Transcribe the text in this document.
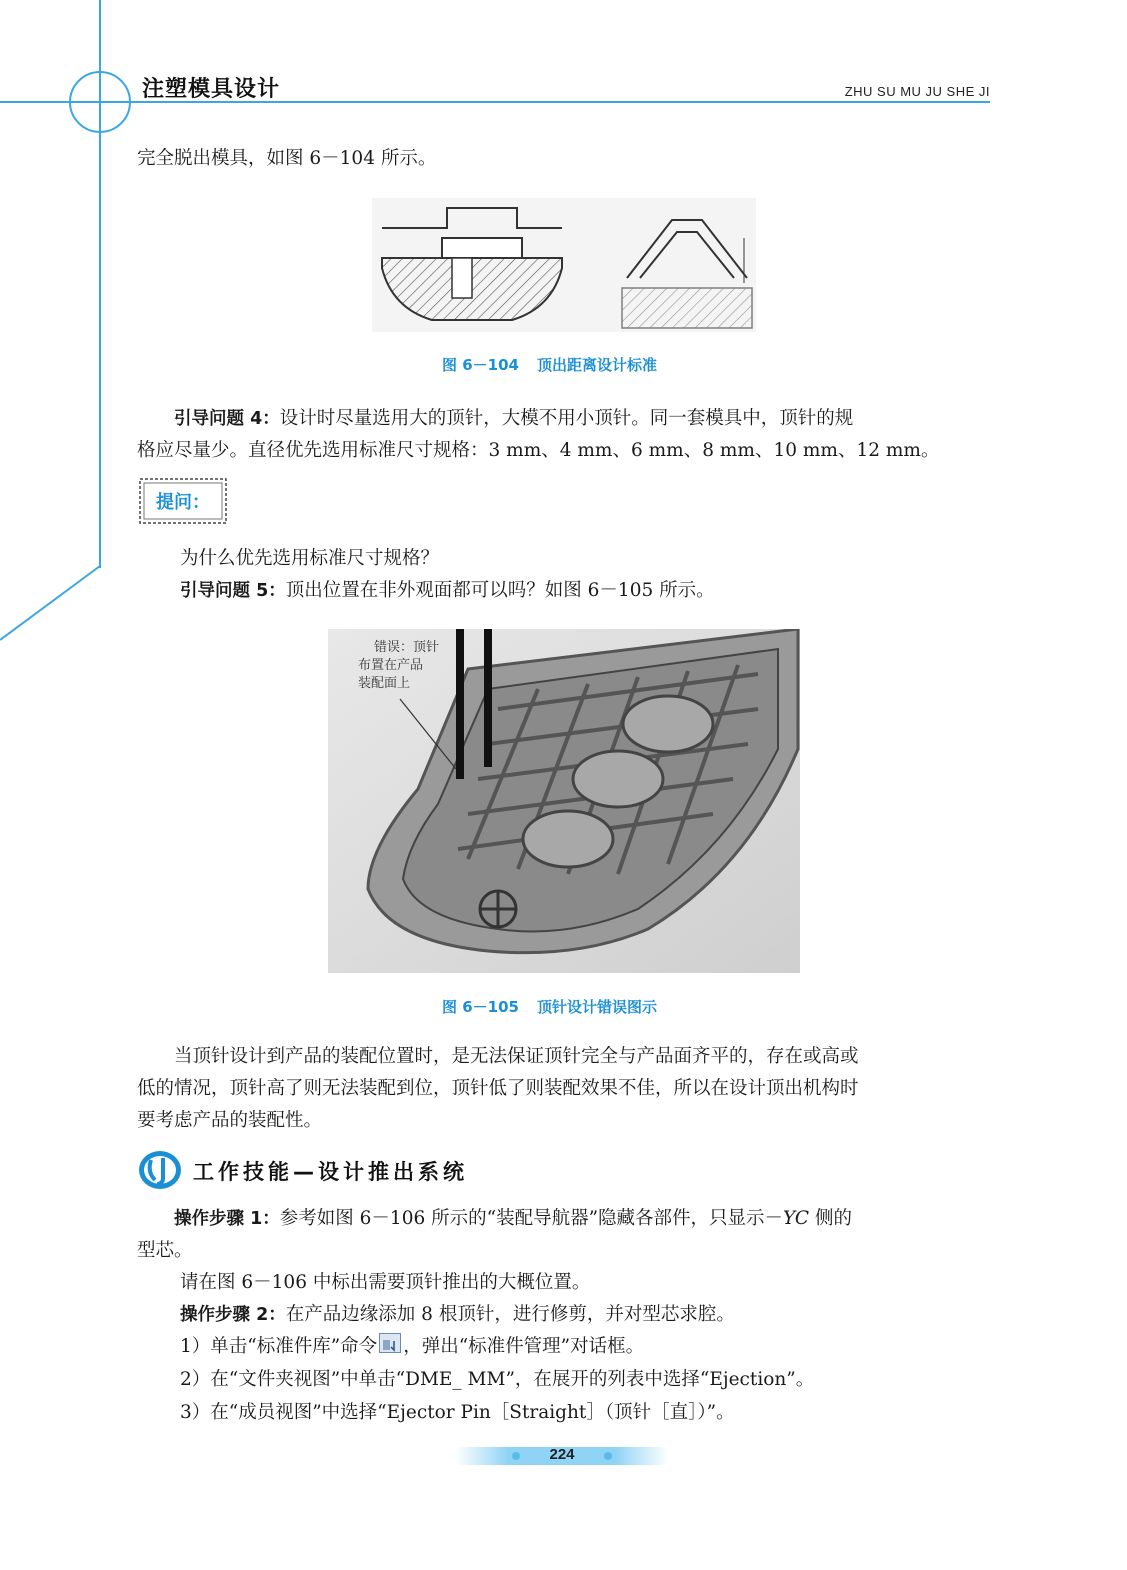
注塑模具设计	ZHU SU MU JU SHE JI

完全脱出模具，如图 6－104 所示。

图 6－104 顶出距离设计标准

引导问题 4：设计时尽量选用大的顶针，大模不用小顶针。同一套模具中，顶针的规

格应尽量少。直径优先选用标准尺寸规格：3 mm、4 mm、6 mm、8 mm、10 mm、12 mm。

提问：

为什么优先选用标准尺寸规格？

引导问题 5：顶出位置在非外观面都可以吗？如图 6－105 所示。

错误：顶针
布置在产品
装配面上
图 6－105 顶针设计错误图示

当顶针设计到产品的装配位置时，是无法保证顶针完全与产品面齐平的，存在或高或

低的情况，顶针高了则无法装配到位，顶针低了则装配效果不佳，所以在设计顶出机构时

要考虑产品的装配性。

工作技能—设计推出系统

操作步骤 1：参考如图 6－106 所示的“装配导航器”隐藏各部件，只显示－YC 侧的

型芯。

请在图 6－106 中标出需要顶针推出的大概位置。

操作步骤 2：在产品边缘添加 8 根顶针，进行修剪，并对型芯求腔。

1）单击“标准件库”命令 ，弹出“标准件管理”对话框。

2）在“文件夹视图”中单击“DME_ MM”，在展开的列表中选择“Ejection”。

3）在“成员视图”中选择“Ejector Pin［Straight］（顶针［直］）”。

224
